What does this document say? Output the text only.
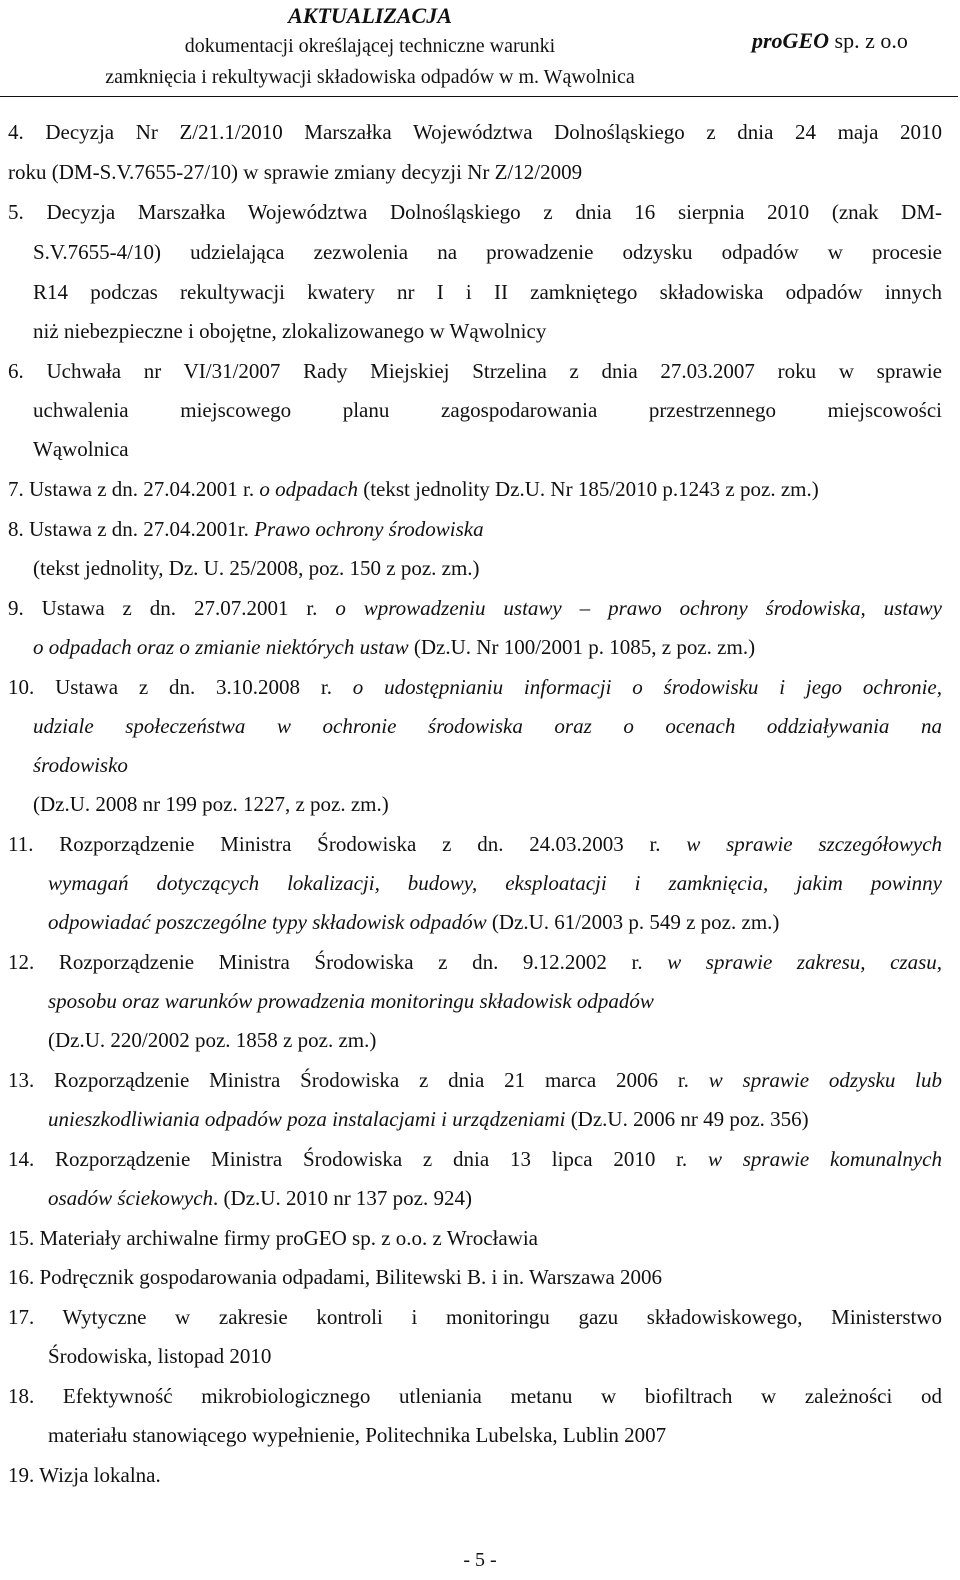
AKTUALIZACJA
dokumentacji określającej techniczne warunki
zamknięcia i rekultywacji składowiska odpadów w m. Wąwolnica
proGEO sp. z o.o
4. Decyzja Nr Z/21.1/2010 Marszałka Województwa Dolnośląskiego z dnia 24 maja 2010
roku (DM-S.V.7655-27/10) w sprawie zmiany decyzji Nr Z/12/2009
5. Decyzja Marszałka Województwa Dolnośląskiego z dnia 16 sierpnia 2010 (znak DM-
S.V.7655-4/10) udzielająca zezwolenia na prowadzenie odzysku odpadów w procesie
R14 podczas rekultywacji kwatery nr I i II zamkniętego składowiska odpadów innych
niż niebezpieczne i obojętne, zlokalizowanego w Wąwolnicy
6. Uchwała nr VI/31/2007 Rady Miejskiej Strzelina z dnia 27.03.2007 roku w sprawie
uchwalenia miejscowego planu zagospodarowania przestrzennego miejscowości
Wąwolnica
7. Ustawa z dn. 27.04.2001 r. o odpadach (tekst jednolity Dz.U. Nr 185/2010 p.1243 z poz. zm.)
8. Ustawa z dn. 27.04.2001r. Prawo ochrony środowiska
(tekst jednolity, Dz. U. 25/2008, poz. 150 z poz. zm.)
9. Ustawa z dn. 27.07.2001 r. o wprowadzeniu ustawy – prawo ochrony środowiska, ustawy
o odpadach oraz o zmianie niektórych ustaw (Dz.U. Nr 100/2001 p. 1085, z poz. zm.)
10. Ustawa z dn. 3.10.2008 r. o udostępnianiu informacji o środowisku i jego ochronie,
udziale społeczeństwa w ochronie środowiska oraz o ocenach oddziaływania na
środowisko
(Dz.U. 2008 nr 199 poz. 1227, z poz. zm.)
11. Rozporządzenie Ministra Środowiska z dn. 24.03.2003 r. w sprawie szczegółowych
wymagań dotyczących lokalizacji, budowy, eksploatacji i zamknięcia, jakim powinny
odpowiadać poszczególne typy składowisk odpadów (Dz.U. 61/2003 p. 549 z poz. zm.)
12. Rozporządzenie Ministra Środowiska z dn. 9.12.2002 r. w sprawie zakresu, czasu,
sposobu oraz warunków prowadzenia monitoringu składowisk odpadów
(Dz.U. 220/2002 poz. 1858 z poz. zm.)
13. Rozporządzenie Ministra Środowiska z dnia 21 marca 2006 r. w sprawie odzysku lub
unieszkodliwiania odpadów poza instalacjami i urządzeniami (Dz.U. 2006 nr 49 poz. 356)
14. Rozporządzenie Ministra Środowiska z dnia 13 lipca 2010 r. w sprawie komunalnych
osadów ściekowych. (Dz.U. 2010 nr 137 poz. 924)
15. Materiały archiwalne firmy proGEO sp. z o.o. z Wrocławia
16. Podręcznik gospodarowania odpadami, Bilitewski B. i in. Warszawa 2006
17. Wytyczne w zakresie kontroli i monitoringu gazu składowiskowego, Ministerstwo
Środowiska, listopad 2010
18. Efektywność mikrobiologicznego utleniania metanu w biofiltrach w zależności od
materiału stanowiącego wypełnienie, Politechnika Lubelska, Lublin 2007
19. Wizja lokalna.
- 5 -
